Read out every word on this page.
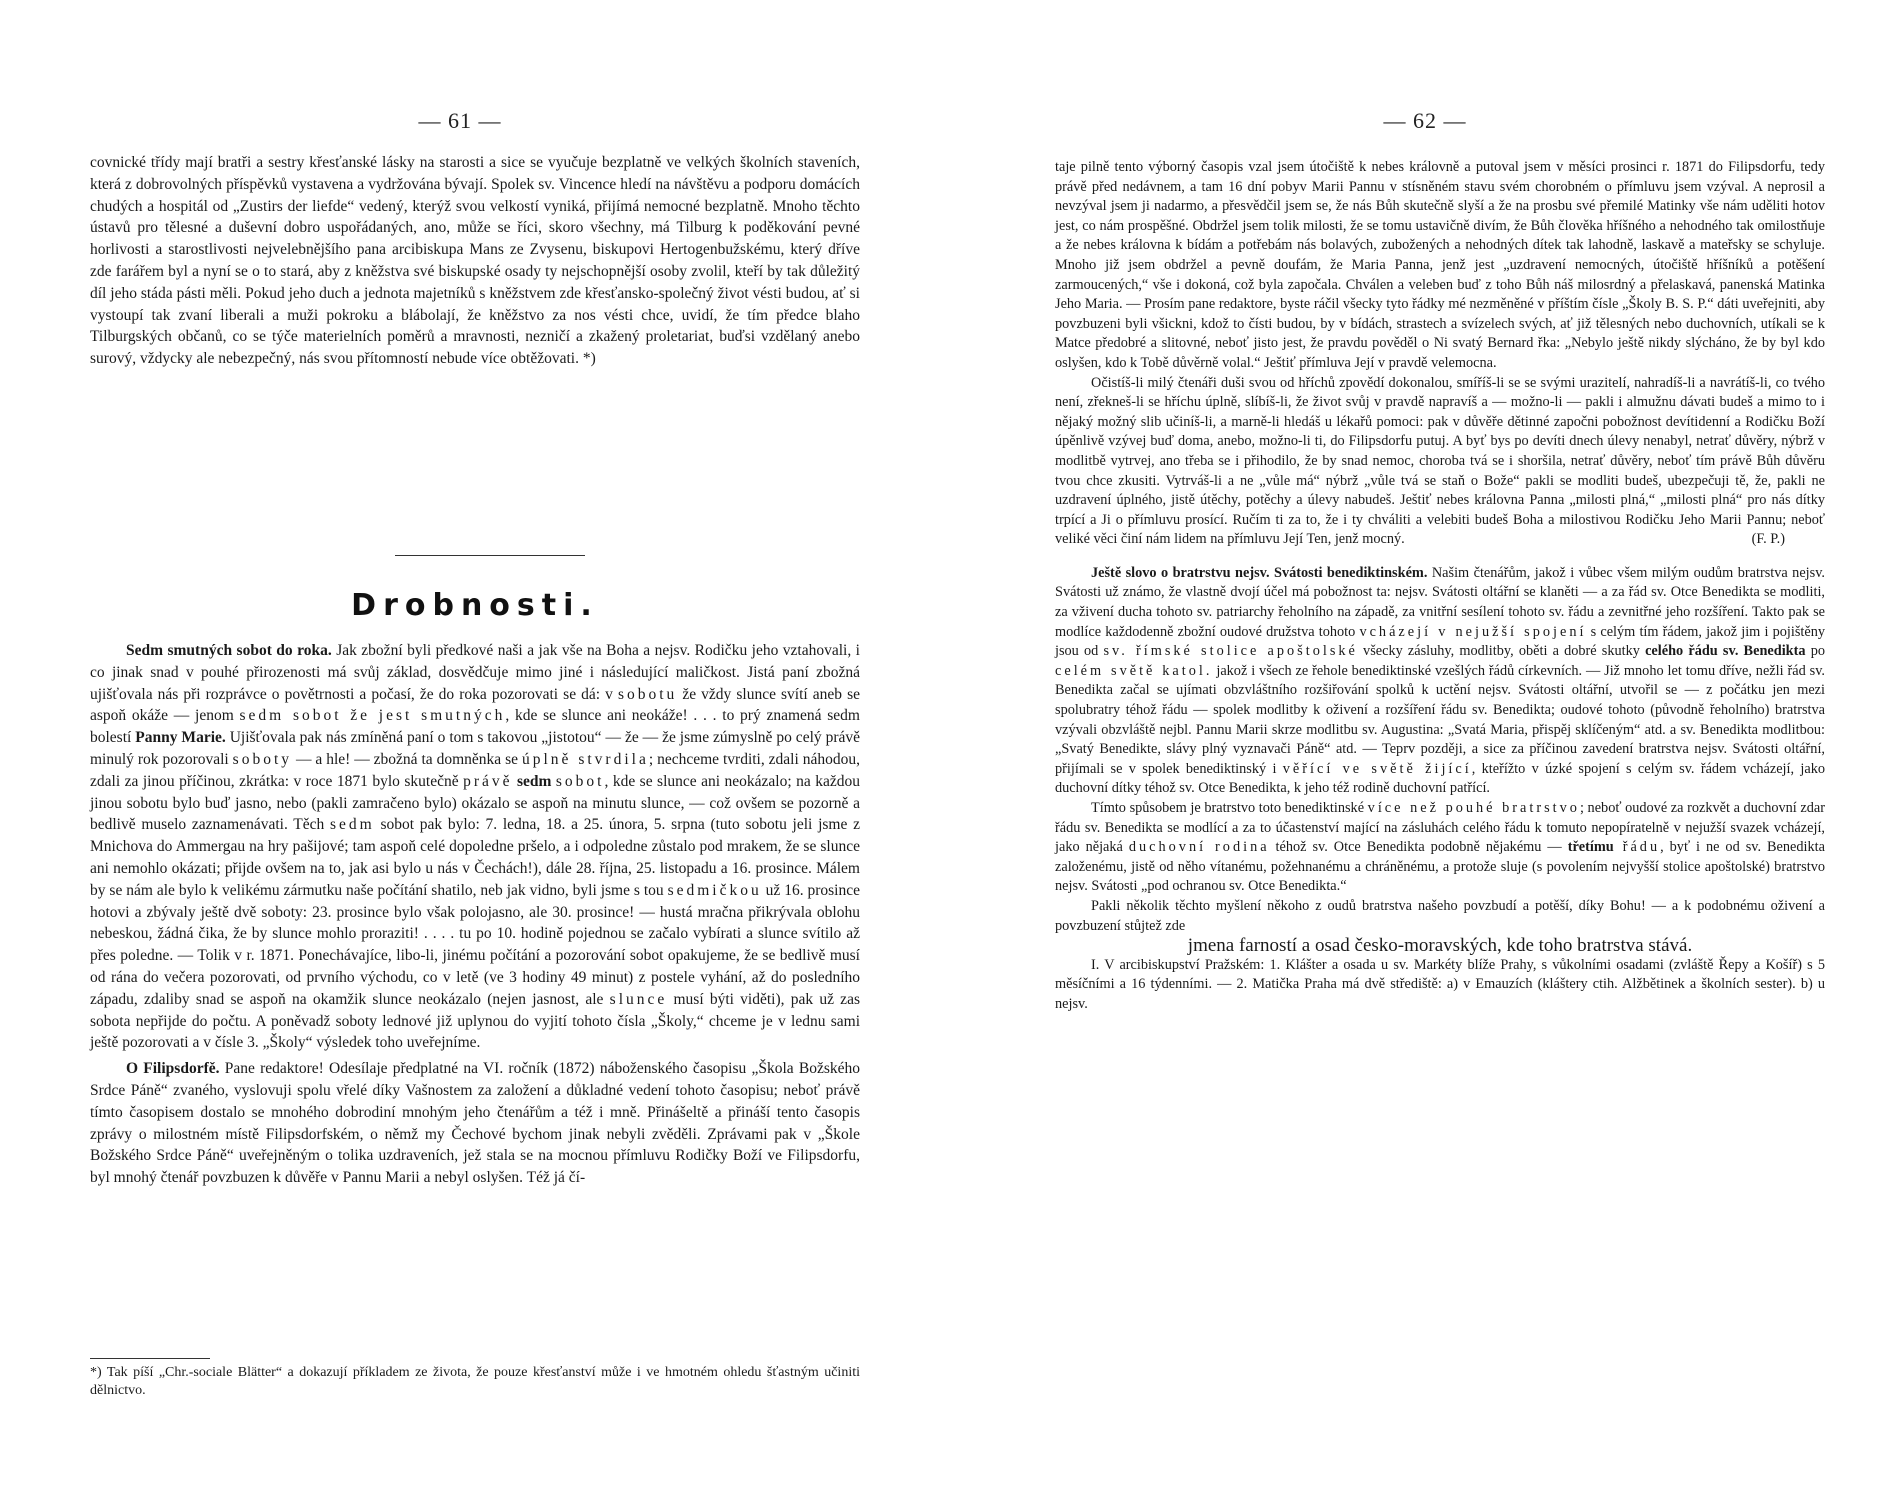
— 61 —

covnické třídy mají bratři a sestry křesťanské lásky na starosti a sice se vyučuje bezplatně ve velkých školních staveních, která z dobrovolných příspěvků vystavena a vydržována bývají. Spolek sv. Vincence hledí na návštěvu a podporu domácích chudých a hospitál od „Zustirs der liefde“ vedený, kterýž svou velkostí vyniká, přijímá nemocné bezplatně. Mnoho těchto ústavů pro tělesné a duševní dobro uspořádaných, ano, může se říci, skoro všechny, má Tilburg k poděkování pevné horlivosti a starostlivosti nejvelebnějšího pana arcibiskupa Mans ze Zvysenu, biskupovi Hertogenbužskému, který dříve zde farářem byl a nyní se o to stará, aby z kněžstva své biskupské osady ty nejschopnější osoby zvolil, kteří by tak důležitý díl jeho stáda pásti měli. Pokud jeho duch a jednota majetníků s kněžstvem zde křesťansko-společný život vésti budou, ať si vystoupí tak zvaní liberali a muži pokroku a blábolají, že kněžstvo za nos vésti chce, uvidí, že tím předce blaho Tilburgských občanů, co se týče materielních poměrů a mravnosti, nezničí a zkažený proletariat, buďsi vzdělaný anebo surový, vždycky ale nebezpečný, nás svou přítomností nebude více obtěžovati. *)

Drobnosti.

Sedm smutných sobot do roka. Jak zbožní byli předkové naši a jak vše na Boha a nejsv. Rodičku jeho vztahovali, i co jinak snad v pouhé přirozenosti má svůj základ, dosvědčuje mimo jiné i následující maličkost. Jistá paní zbožná ujišťovala nás při rozprávce o povětrnosti a počasí, že do roka pozorovati se dá: v sobotu že vždy slunce svítí aneb se aspoň okáže — jenom sedm sobot že jest smutných, kde se slunce ani neokáže! . . . to prý znamená sedm bolestí Panny Marie. Ujišťovala pak nás zmíněná paní o tom s takovou „jistotou“ — že — že jsme zúmyslně po celý právě minulý rok pozorovali soboty — a hle! — zbožná ta domněnka se úplně stvrdila; nechceme tvrditi, zdali náhodou, zdali za jinou příčinou, zkrátka: v roce 1871 bylo skutečně právě sedm sobot, kde se slunce ani neokázalo; na každou jinou sobotu bylo buď jasno, nebo (pakli zamračeno bylo) okázalo se aspoň na minutu slunce, — což ovšem se pozorně a bedlivě muselo zaznamenávati. Těch sedm sobot pak bylo: 7. ledna, 18. a 25. února, 5. srpna (tuto sobotu jeli jsme z Mnichova do Ammergau na hry pašijové; tam aspoň celé dopoledne pršelo, a i odpoledne zůstalo pod mrakem, že se slunce ani nemohlo okázati; přijde ovšem na to, jak asi bylo u nás v Čechách!), dále 28. října, 25. listopadu a 16. prosince. Málem by se nám ale bylo k velikému zármutku naše počítání shatilo, neb jak vidno, byli jsme s tou sedmičkou už 16. prosince hotovi a zbývaly ještě dvě soboty: 23. prosince bylo však polojasno, ale 30. prosince! — hustá mračna přikrývala oblohu nebeskou, žádná čika, že by slunce mohlo proraziti! . . . . tu po 10. hodině pojednou se začalo vybírati a slunce svítilo až přes poledne. — Tolik v r. 1871. Ponechávajíce, libo-li, jinému počítání a pozorování sobot opakujeme, že se bedlivě musí od rána do večera pozorovati, od prvního východu, co v letě (ve 3 hodiny 49 minut) z postele vyhání, až do posledního západu, zdaliby snad se aspoň na okamžik slunce neokázalo (nejen jasnost, ale slunce musí býti viděti), pak už zas sobota nepřijde do počtu. A poněvadž soboty lednové již uplynou do vyjití tohoto čísla „Školy,“ chceme je v lednu sami ještě pozorovati a v čísle 3. „Školy“ výsledek toho uveřejníme.

O Filipsdorfě. Pane redaktore! Odesílaje předplatné na VI. ročník (1872) náboženského časopisu „Škola Božského Srdce Páně“ zvaného, vyslovuji spolu vřelé díky Vašnostem za založení a důkladné vedení tohoto časopisu; neboť právě tímto časopisem dostalo se mnohého dobrodiní mnohým jeho čtenářům a též i mně. Přinášeltě a přináší tento časopis zprávy o milostném místě Filipsdorfském, o němž my Čechové bychom jinak nebyli zvěděli. Zprávami pak v „Škole Božského Srdce Páně“ uveřejněným o tolika uzdraveních, jež stala se na mocnou přímluvu Rodičky Boží ve Filipsdorfu, byl mnohý čtenář povzbuzen k důvěře v Pannu Marii a nebyl oslyšen. Též já čí-

*) Tak píší „Chr.-sociale Blätter“ a dokazují příkladem ze života, že pouze křesťanství může i ve hmotném ohledu šťastným učiniti dělnictvo.
— 62 —

taje pilně tento výborný časopis vzal jsem útočiště k nebes královně a putoval jsem v měsíci prosinci r. 1871 do Filipsdorfu, tedy právě před nedávnem, a tam 16 dní pobyv Marii Pannu v stísněném stavu svém chorobném o přímluvu jsem vzýval. A neprosil a nevzýval jsem ji nadarmo, a přesvědčil jsem se, že nás Bůh skutečně slyší a že na prosbu své přemilé Matinky vše nám uděliti hotov jest, co nám prospěšné. Obdržel jsem tolik milosti, že se tomu ustavičně divím, že Bůh člověka hříšného a nehodného tak omilostňuje a že nebes královna k bídám a potřebám nás bolavých, zubožených a nehodných dítek tak lahodně, laskavě a mateřsky se schyluje. Mnoho již jsem obdržel a pevně doufám, že Maria Panna, jenž jest „uzdravení nemocných, útočiště hříšníků a potěšení zarmoucených,“ vše i dokoná, což byla započala. Chválen a veleben buď z toho Bůh náš milosrdný a přelaskavá, panenská Matinka Jeho Maria. — Prosím pane redaktore, byste ráčil všecky tyto řádky mé nezměněné v příštím čísle „Školy B. S. P.“ dáti uveřejniti, aby povzbuzeni byli všickni, kdož to čísti budou, by v bídách, strastech a svízelech svých, ať již tělesných nebo duchovních, utíkali se k Matce předobré a slitovné, neboť jisto jest, že pravdu pověděl o Ni svatý Bernard řka: „Nebylo ještě nikdy slýcháno, že by byl kdo oslyšen, kdo k Tobě důvěrně volal.“ Ještiť přímluva Její v pravdě velemocna.

Očistíš-li milý čtenáři duši svou od hříchů zpovědí dokonalou, smíříš-li se se svými urazitelí, nahradíš-li a navrátíš-li, co tvého není, zřekneš-li se hříchu úplně, slíbíš-li, že život svůj v pravdě napravíš a — možno-li — pakli i almužnu dávati budeš a mimo to i nějaký možný slib učiníš-li, a marně-li hledáš u lékařů pomoci: pak v důvěře dětinné započni pobožnost devítidenní a Rodičku Boží úpěnlivě vzývej buď doma, anebo, možno-li ti, do Filipsdorfu putuj. A byť bys po devíti dnech úlevy nenabyl, netrať důvěry, nýbrž v modlitbě vytrvej, ano třeba se i přihodilo, že by snad nemoc, choroba tvá se i shoršila, netrať důvěry, neboť tím právě Bůh důvěru tvou chce zkusiti. Vytrváš-li a ne „vůle má“ nýbrž „vůle tvá se staň o Bože“ pakli se modliti budeš, ubezpečuji tě, že, pakli ne uzdravení úplného, jistě útěchy, potěchy a úlevy nabudeš. Ještiť nebes královna Panna „milosti plná,“ „milosti plná“ pro nás dítky trpící a Ji o přímluvu prosící. Ručím ti za to, že i ty chváliti a velebiti budeš Boha a milostivou Rodičku Jeho Marii Pannu; neboť veliké věci činí nám lidem na přímluvu Její Ten, jenž mocný.	(F. P.)

Ještě slovo o bratrstvu nejsv. Svátosti benediktinském. Našim čtenářům, jakož i vůbec všem milým oudům bratrstva nejsv. Svátosti už známo, že vlastně dvojí účel má pobožnost ta: nejsv. Svátosti oltářní se klaněti — a za řád sv. Otce Benedikta se modliti, za vživení ducha tohoto sv. patriarchy řeholního na západě, za vnitřní sesílení tohoto sv. řádu a zevnitřné jeho rozšíření. Takto pak se modlíce každodenně zbožní oudové družstva tohoto vcházejí v nejužší spojení s celým tím řádem, jakož jim i pojištěny jsou od sv. římské stolice apoštolské všecky zásluhy, modlitby, oběti a dobré skutky celého řádu sv. Benedikta po celém světě katol. jakož i všech ze řehole benediktinské vzešlých řádů církevních. — Již mnoho let tomu dříve, nežli řád sv. Benedikta začal se ujímati obzvláštního rozšiřování spolků k uctění nejsv. Svátosti oltářní, utvořil se — z počátku jen mezi spolubratry téhož řádu — spolek modlitby k oživení a rozšíření řádu sv. Benedikta; oudové tohoto (původně řeholního) bratrstva vzývali obzvláště nejbl. Pannu Marii skrze modlitbu sv. Augustina: „Svatá Maria, přispěj sklíčeným“ atd. a sv. Benedikta modlitbou: „Svatý Benedikte, slávy plný vyznavači Páně“ atd. — Teprv později, a sice za příčinou zavedení bratrstva nejsv. Svátosti oltářní, přijímali se v spolek benediktinský i věřící ve světě žijící, kteřížto v úzké spojení s celým sv. řádem vcházejí, jako duchovní dítky téhož sv. Otce Benedikta, k jeho též rodině duchovní patřící.

Tímto spůsobem je bratrstvo toto benediktinské více než pouhé bratrstvo; neboť oudové za rozkvět a duchovní zdar řádu sv. Benedikta se modlící a za to účastenství mající na zásluhách celého řádu k tomuto nepopíratelně v nejužší svazek vcházejí, jako nějaká duchovní rodina téhož sv. Otce Benedikta podobně nějakému — třetímu řádu, byť i ne od sv. Benedikta založenému, jistě od něho vítanému, požehnanému a chráněnému, a protože sluje (s povolením nejvyšší stolice apoštolské) bratrstvo nejsv. Svátosti „pod ochranou sv. Otce Benedikta.“

Pakli několik těchto myšlení někoho z oudů bratrstva našeho povzbudí a potěší, díky Bohu! — a k podobnému oživení a povzbuzení stůjtež zde

jmena farností a osad česko-moravských, kde toho bratrstva stává.

I. V arcibiskupství Pražském: 1. Klášter a osada u sv. Markéty blíže Prahy, s vůkolními osadami (zvláště Řepy a Košíř) s 5 měsíčními a 16 týdenními. — 2. Matička Praha má dvě střediště: a) v Emauzích (kláštery ctih. Alžbětinek a školních sester). b) u nejsv.
